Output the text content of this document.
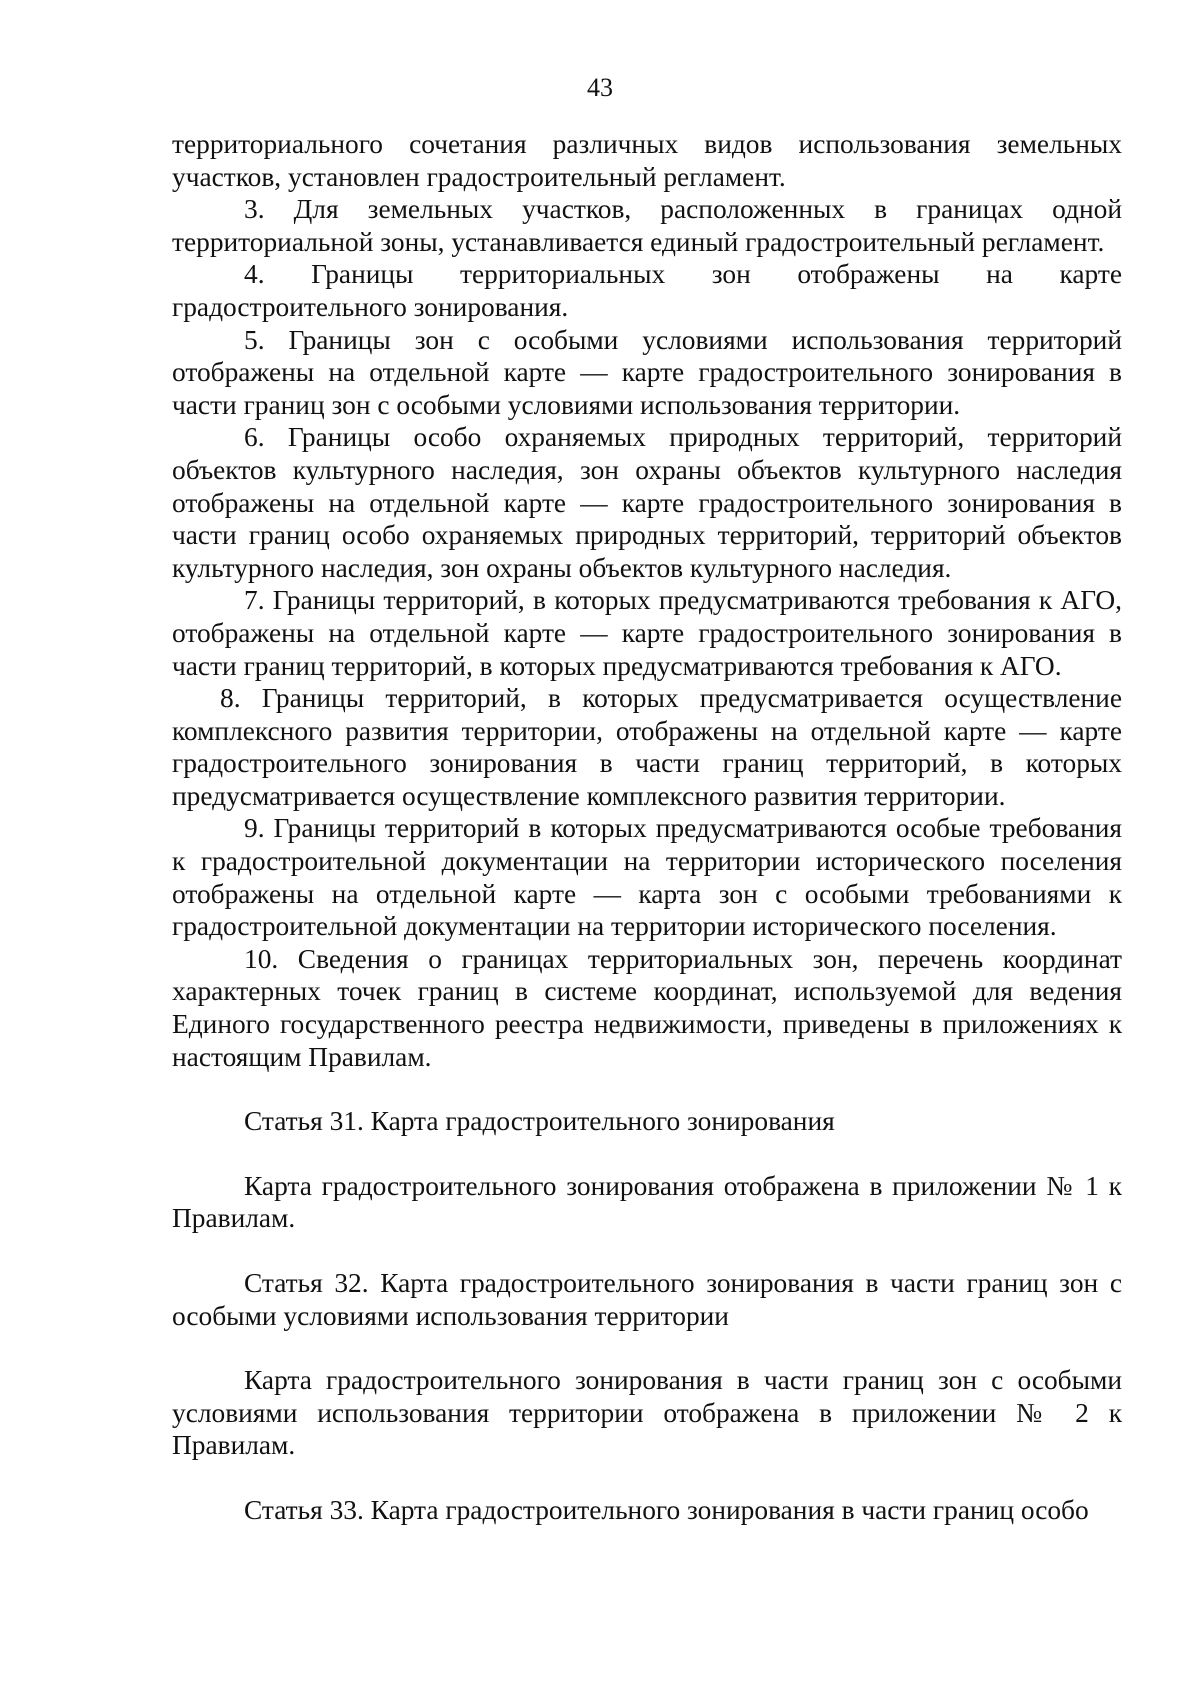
43

территориального сочетания различных видов использования земельных участков, установлен градостроительный регламент.

3. Для земельных участков, расположенных в границах одной территориальной зоны, устанавливается единый градостроительный регламент.

4. Границы территориальных зон отображены на карте градостроительного зонирования.

5. Границы зон с особыми условиями использования территорий отображены на отдельной карте — карте градостроительного зонирования в части границ зон с особыми условиями использования территории.

6. Границы особо охраняемых природных территорий, территорий объектов культурного наследия, зон охраны объектов культурного наследия отображены на отдельной карте — карте градостроительного зонирования в части границ особо охраняемых природных территорий, территорий объектов культурного наследия, зон охраны объектов культурного наследия.

7. Границы территорий, в которых предусматриваются требования к АГО, отображены на отдельной карте — карте градостроительного зонирования в части границ территорий, в которых предусматриваются требования к АГО.

8. Границы территорий, в которых предусматривается осуществление комплексного развития территории, отображены на отдельной карте — карте градостроительного зонирования в части границ территорий, в которых предусматривается осуществление комплексного развития территории.

9. Границы территорий в которых предусматриваются особые требования к градостроительной документации на территории исторического поселения отображены на отдельной карте — карта зон с особыми требованиями к градостроительной документации на территории исторического поселения.

10. Сведения о границах территориальных зон, перечень координат характерных точек границ в системе координат, используемой для ведения Единого государственного реестра недвижимости, приведены в приложениях к настоящим Правилам.

Статья 31. Карта градостроительного зонирования

Карта градостроительного зонирования отображена в приложении № 1 к Правилам.

Статья 32. Карта градостроительного зонирования в части границ зон с особыми условиями использования территории

Карта градостроительного зонирования в части границ зон с особыми условиями использования территории отображена в приложении № 2 к Правилам.

Статья 33. Карта градостроительного зонирования в части границ особо
